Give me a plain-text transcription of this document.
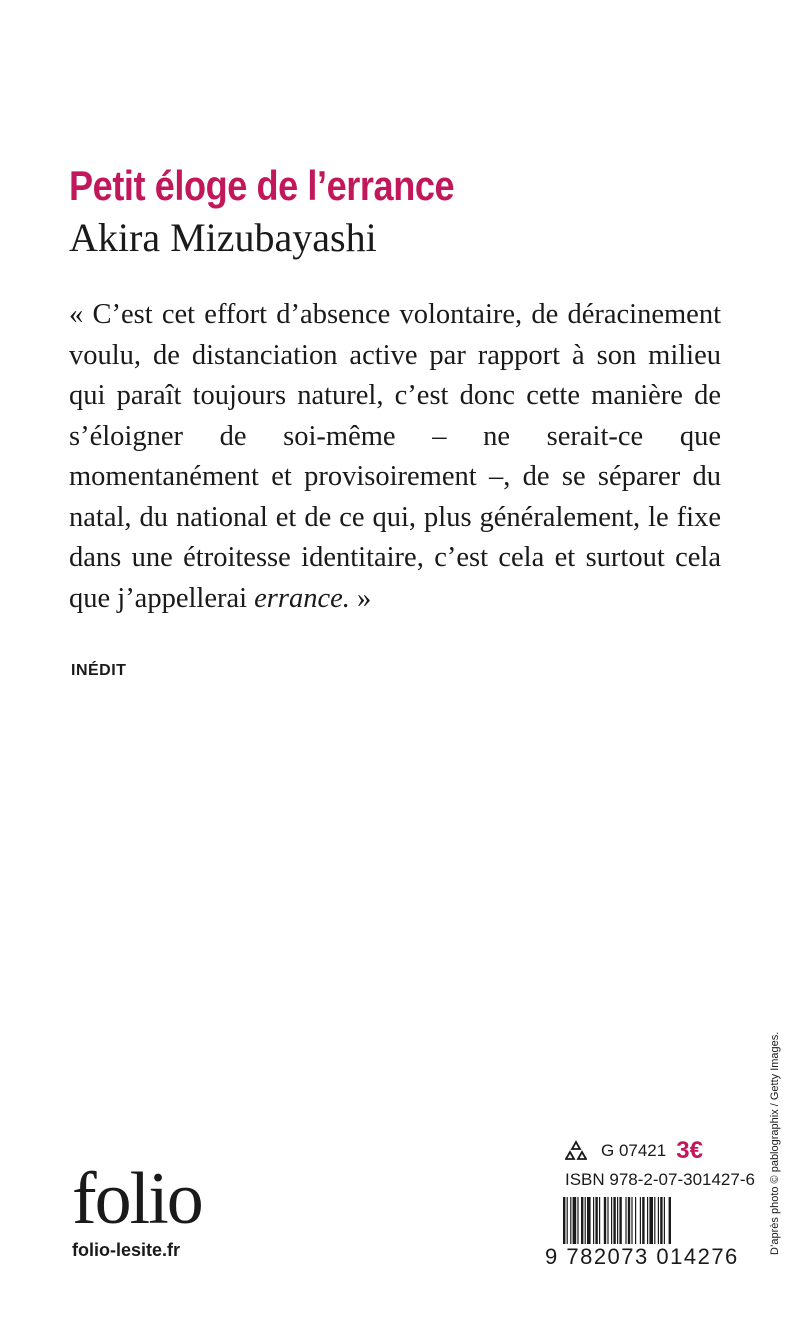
Petit éloge de l’errance

Akira Mizubayashi

« C’est cet effort d’absence volontaire, de déracinement voulu, de distanciation active par rapport à son milieu qui paraît toujours naturel, c’est donc cette manière de s’éloigner de soi-même – ne serait-ce que momentanément et provisoirement –, de se séparer du natal, du national et de ce qui, plus généralement, le fixe dans une étroitesse identitaire, c’est cela et surtout cela que j’appellerai errance. »

INÉDIT

D’après photo © pablographix / Getty Images.

folio

folio-lesite.fr

G 07421 3€

ISBN 978-2-07-301427-6

9 782073 014276
